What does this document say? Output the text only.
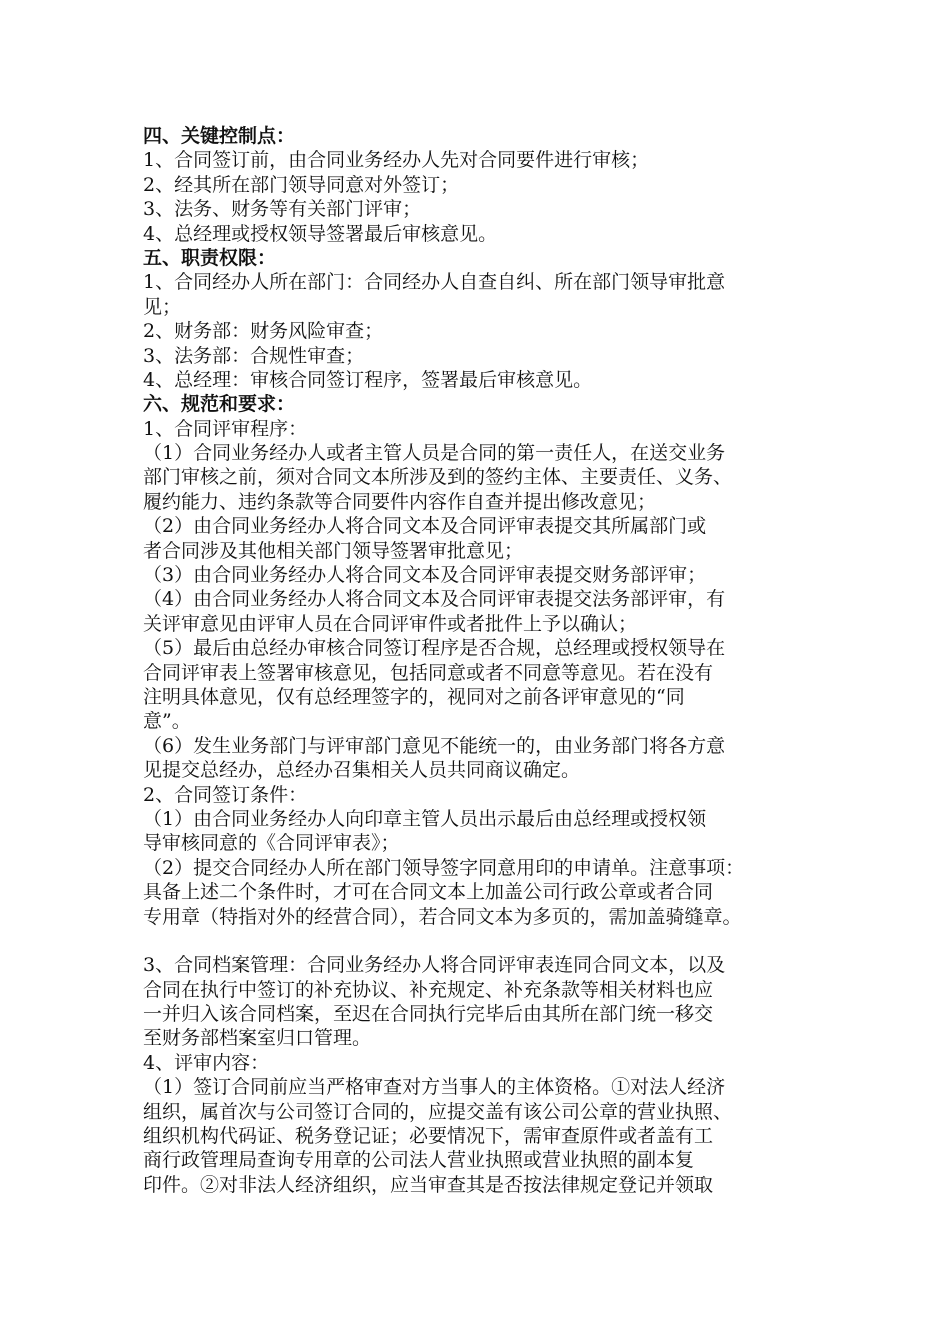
四、关键控制点：
1、合同签订前，由合同业务经办人先对合同要件进行审核；
2、经其所在部门领导同意对外签订；
3、法务、财务等有关部门评审；
4、总经理或授权领导签署最后审核意见。
五、职责权限：
1、合同经办人所在部门：合同经办人自查自纠、所在部门领导审批意
见；
2、财务部：财务风险审查；
3、法务部：合规性审查；
4、总经理：审核合同签订程序，签署最后审核意见。
六、规范和要求：
1、合同评审程序：
（1）合同业务经办人或者主管人员是合同的第一责任人，在送交业务
部门审核之前，须对合同文本所涉及到的签约主体、主要责任、义务、
履约能力、违约条款等合同要件内容作自查并提出修改意见；
（2）由合同业务经办人将合同文本及合同评审表提交其所属部门或
者合同涉及其他相关部门领导签署审批意见；
（3）由合同业务经办人将合同文本及合同评审表提交财务部评审；
（4）由合同业务经办人将合同文本及合同评审表提交法务部评审，有
关评审意见由评审人员在合同评审件或者批件上予以确认；
（5）最后由总经办审核合同签订程序是否合规，总经理或授权领导在
合同评审表上签署审核意见，包括同意或者不同意等意见。若在没有
注明具体意见，仅有总经理签字的，视同对之前各评审意见的“同
意”。
（6）发生业务部门与评审部门意见不能统一的，由业务部门将各方意
见提交总经办，总经办召集相关人员共同商议确定。
2、合同签订条件：
（1）由合同业务经办人向印章主管人员出示最后由总经理或授权领
导审核同意的《合同评审表》；
（2）提交合同经办人所在部门领导签字同意用印的申请单。注意事项：
具备上述二个条件时，才可在合同文本上加盖公司行政公章或者合同
专用章（特指对外的经营合同），若合同文本为多页的，需加盖骑缝章。
3、合同档案管理：合同业务经办人将合同评审表连同合同文本，以及
合同在执行中签订的补充协议、补充规定、补充条款等相关材料也应
一并归入该合同档案，至迟在合同执行完毕后由其所在部门统一移交
至财务部档案室归口管理。
4、评审内容：
（1）签订合同前应当严格审查对方当事人的主体资格。①对法人经济
组织，属首次与公司签订合同的，应提交盖有该公司公章的营业执照、
组织机构代码证、税务登记证；必要情况下，需审查原件或者盖有工
商行政管理局查询专用章的公司法人营业执照或营业执照的副本复
印件。②对非法人经济组织，应当审查其是否按法律规定登记并领取
